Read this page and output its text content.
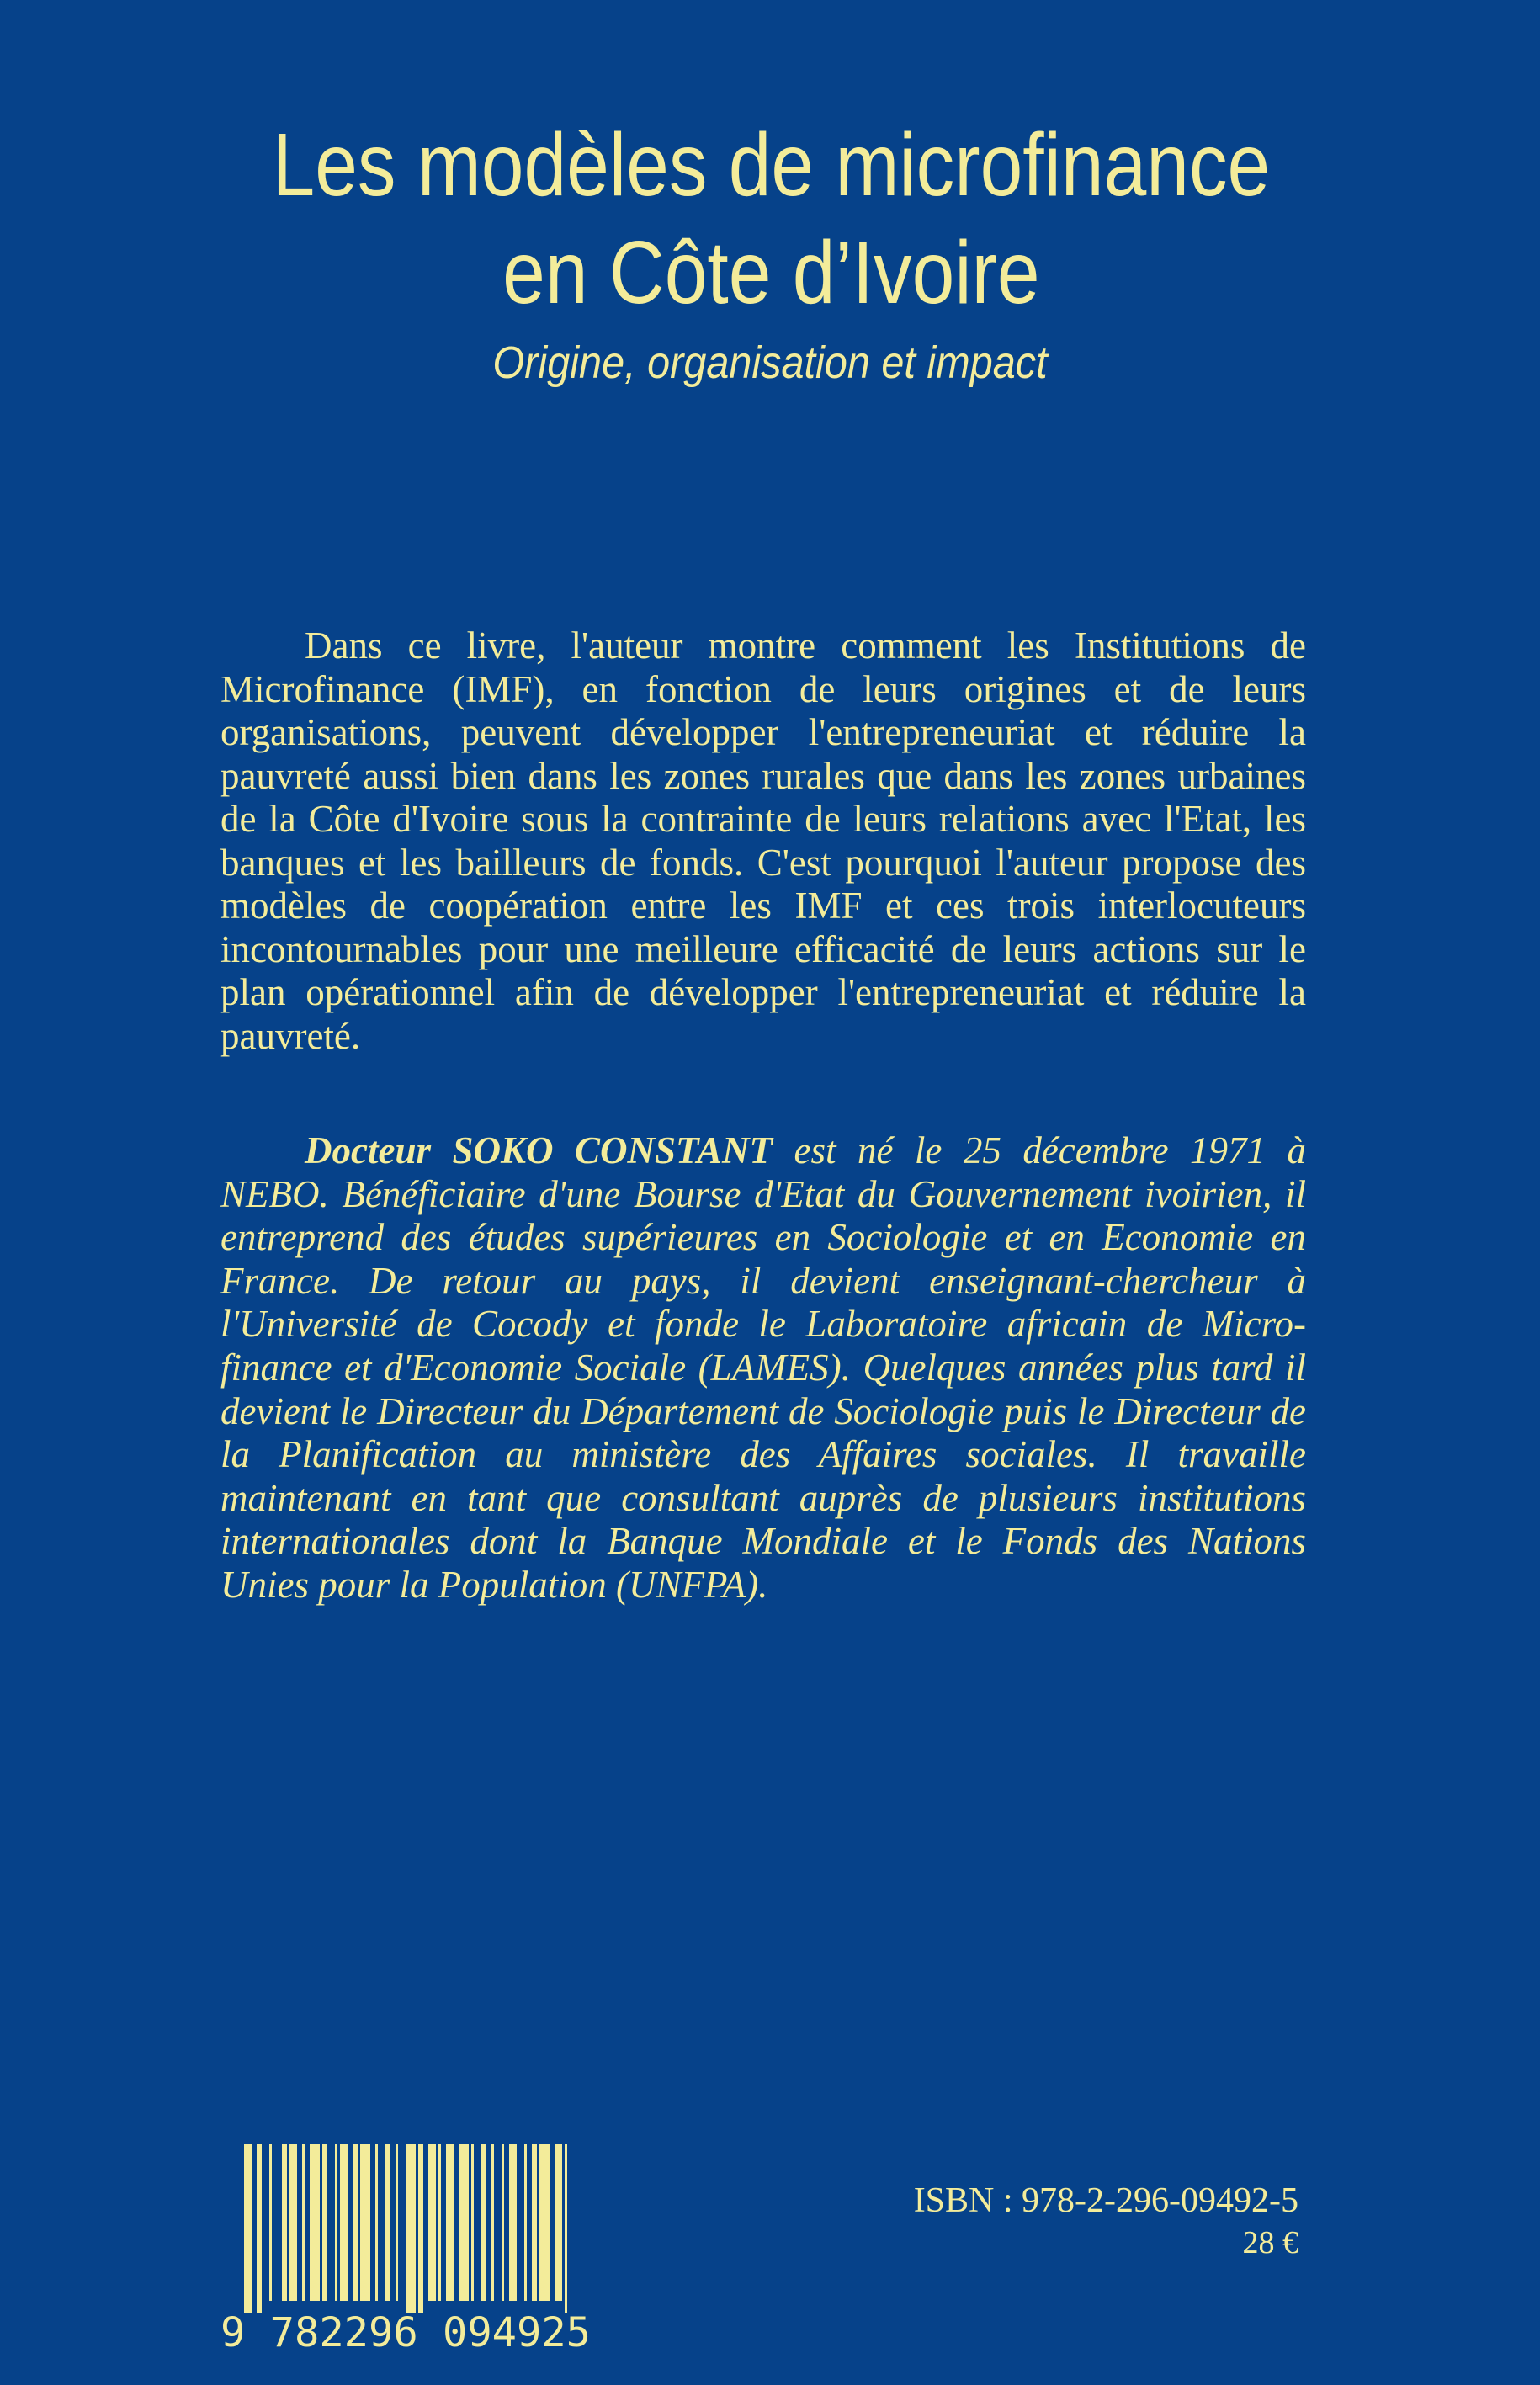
Les modèles de microfinance
en Côte d’Ivoire
Origine, organisation et impact

Dans ce livre, l'auteur montre comment les Institutions de Microfinance (IMF), en fonction de leurs origines et de leurs organisations, peuvent développer l'entrepreneuriat et réduire la pauvreté aussi bien dans les zones rurales que dans les zones urbaines de la Côte d'Ivoire sous la contrainte de leurs relations avec l'Etat, les banques et les bailleurs de fonds. C'est pourquoi l'auteur propose des modèles de coopération entre les IMF et ces trois interlocuteurs incontournables pour une meilleure efficacité de leurs actions sur le plan opérationnel afin de développer l'entrepreneuriat et réduire la pauvreté.

Docteur SOKO CONSTANT est né le 25 décembre 1971 à NEBO. Bénéficiaire d'une Bourse d'Etat du Gouvernement ivoirien, il entreprend des études supérieures en Sociologie et en Economie en France. De retour au pays, il devient enseignant-chercheur à l'Université de Cocody et fonde le Laboratoire africain de Micro-finance et d'Economie Sociale (LAMES). Quelques années plus tard il devient le Directeur du Département de Sociologie puis le Directeur de la Planification au ministère des Affaires sociales. Il travaille maintenant en tant que consultant auprès de plusieurs institutions internationales dont la Banque Mondiale et le Fonds des Nations Unies pour la Population (UNFPA).

9 782296 094925
ISBN : 978-2-296-09492-5
28 €
